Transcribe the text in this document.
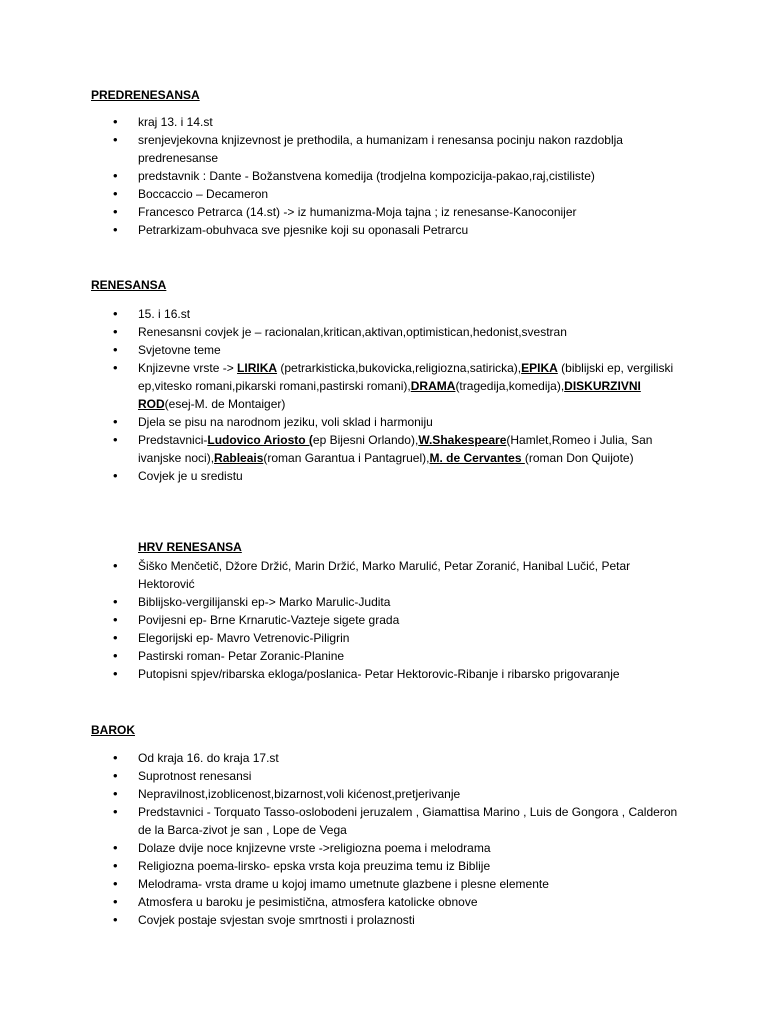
PREDRENESANSA

• kraj 13. i 14.st
• srenjevjekovna knjizevnost je prethodila, a humanizam i renesansa pocinju nakon razdoblja predrenesanse
• predstavnik : Dante - Božanstvena komedija (trodjelna kompozicija-pakao,raj,cistiliste)
• Boccaccio – Decameron
• Francesco Petrarca (14.st) -> iz humanizma-Moja tajna ; iz renesanse-Kanoconijer
• Petrarkizam-obuhvaca sve pjesnike koji su oponasali Petrarcu

RENESANSA

• 15. i 16.st
• Renesansni covjek je – racionalan,kritican,aktivan,optimistican,hedonist,svestran
• Svjetovne teme
• Knjizevne vrste -> LIRIKA (petrarkisticka,bukovicka,religiozna,satiricka),EPIKA (biblijski ep, vergiliski ep,vitesko romani,pikarski romani,pastirski romani),DRAMA(tragedija,komedija),DISKURZIVNI ROD(esej-M. de Montaiger)
• Djela se pisu na narodnom jeziku, voli sklad i harmoniju
• Predstavnici-Ludovico Ariosto (ep Bijesni Orlando),W.Shakespeare(Hamlet,Romeo i Julia, San ivanjske noci),Rableais(roman Garantua i Pantagruel),M. de Cervantes (roman Don Quijote)
• Covjek je u sredistu

HRV RENESANSA

• Šiško Menčetič, Džore Držić, Marin Držić, Marko Marulić, Petar Zoranić, Hanibal Lučić, Petar Hektorović
• Biblijsko-vergilijanski ep-> Marko Marulic-Judita
• Povijesni ep- Brne Krnarutic-Vazteje sigete grada
• Elegorijski ep- Mavro Vetrenovic-Piligrin
• Pastirski roman- Petar Zoranic-Planine
• Putopisni spjev/ribarska ekloga/poslanica- Petar Hektorovic-Ribanje i ribarsko prigovaranje

BAROK

• Od kraja 16. do kraja 17.st
• Suprotnost renesansi
• Nepravilnost,izoblicenost,bizarnost,voli kićenost,pretjerivanje
• Predstavnici - Torquato Tasso-oslobodeni jeruzalem , Giamattisa Marino , Luis de Gongora , Calderon de la Barca-zivot je san , Lope de Vega
• Dolaze dvije noce knjizevne vrste ->religiozna poema i melodrama
• Religiozna poema-lirsko- epska vrsta koja preuzima temu iz Biblije
• Melodrama- vrsta drame u kojoj imamo umetnute glazbene i plesne elemente
• Atmosfera u baroku je pesimistična, atmosfera katolicke obnove
• Covjek postaje svjestan svoje smrtnosti i prolaznosti
